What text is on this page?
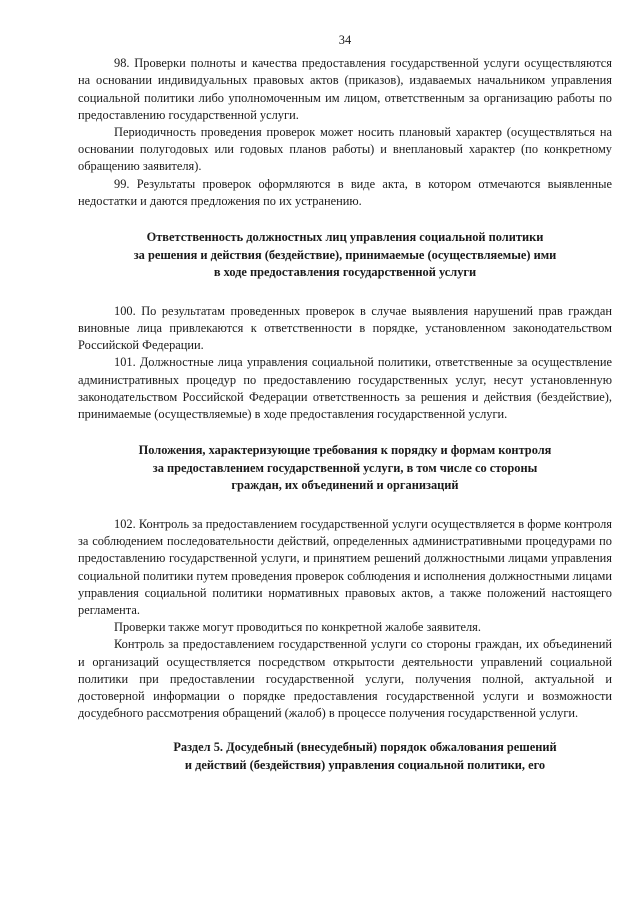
34

98. Проверки полноты и качества предоставления государственной услуги осуществляются на основании индивидуальных правовых актов (приказов), издаваемых начальником управления социальной политики либо уполномоченным им лицом, ответственным за организацию работы по предоставлению государственной услуги.

Периодичность проведения проверок может носить плановый характер (осуществляться на основании полугодовых или годовых планов работы) и внеплановый характер (по конкретному обращению заявителя).

99. Результаты проверок оформляются в виде акта, в котором отмечаются выявленные недостатки и даются предложения по их устранению.

Ответственность должностных лиц управления социальной политики
за решения и действия (бездействие), принимаемые (осуществляемые) ими
в ходе предоставления государственной услуги

100. По результатам проведенных проверок в случае выявления нарушений прав граждан виновные лица привлекаются к ответственности в порядке, установленном законодательством Российской Федерации.

101. Должностные лица управления социальной политики, ответственные за осуществление административных процедур по предоставлению государственных услуг, несут установленную законодательством Российской Федерации ответственность за решения и действия (бездействие), принимаемые (осуществляемые) в ходе предоставления государственной услуги.

Положения, характеризующие требования к порядку и формам контроля
за предоставлением государственной услуги, в том числе со стороны
граждан, их объединений и организаций

102. Контроль за предоставлением государственной услуги осуществляется в форме контроля за соблюдением последовательности действий, определенных административными процедурами по предоставлению государственной услуги, и принятием решений должностными лицами управления социальной политики путем проведения проверок соблюдения и исполнения должностными лицами управления социальной политики нормативных правовых актов, а также положений настоящего регламента.

Проверки также могут проводиться по конкретной жалобе заявителя.

Контроль за предоставлением государственной услуги со стороны граждан, их объединений и организаций осуществляется посредством открытости деятельности управлений социальной политики при предоставлении государственной услуги, получения полной, актуальной и достоверной информации о порядке предоставления государственной услуги и возможности досудебного рассмотрения обращений (жалоб) в процессе получения государственной услуги.

Раздел 5. Досудебный (внесудебный) порядок обжалования решений
и действий (бездействия) управления социальной политики, его
